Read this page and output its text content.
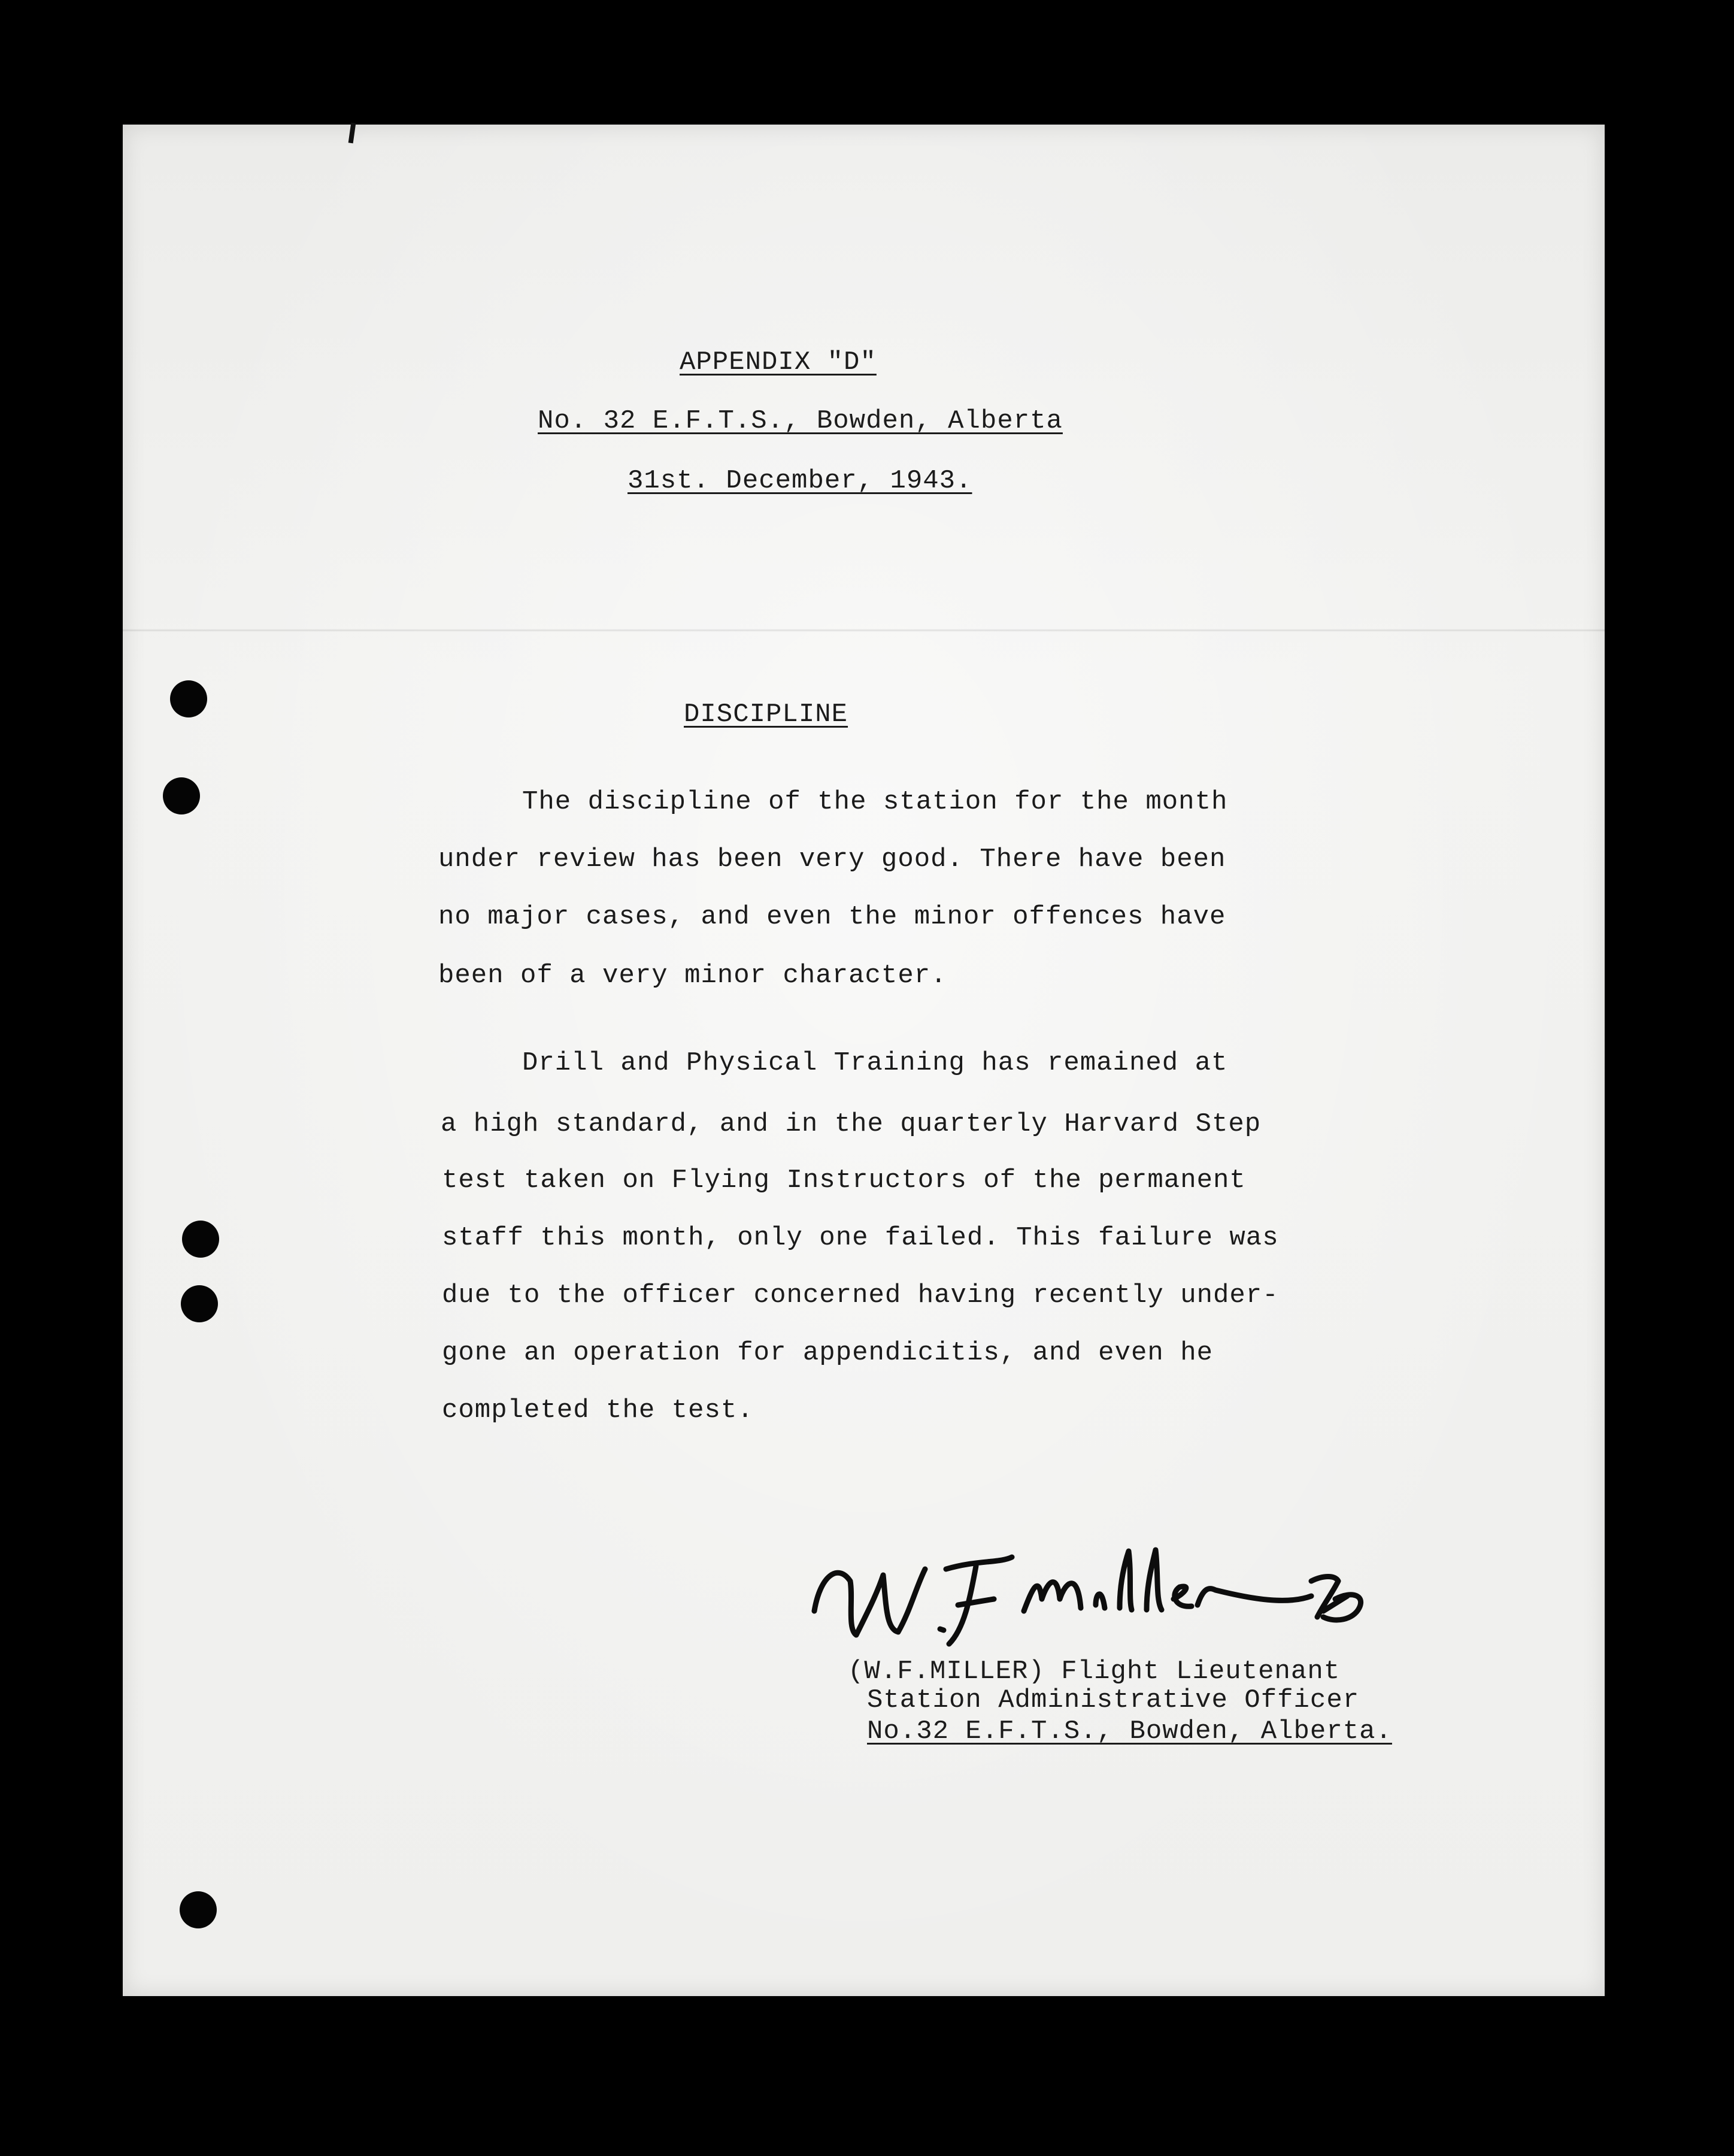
APPENDIX "D"
No. 32 E.F.T.S., Bowden, Alberta
31st. December, 1943.
DISCIPLINE
The discipline of the station for the month
under review has been very good. There have been
no major cases, and even the minor offences have
been of a very minor character.
Drill and Physical Training has remained at
a high standard, and in the quarterly Harvard Step
test taken on Flying Instructors of the permanent
staff this month, only one failed. This failure was
due to the officer concerned having recently under-
gone an operation for appendicitis, and even he
completed the test.
(W.F.MILLER) Flight Lieutenant
Station Administrative Officer
No.32 E.F.T.S., Bowden, Alberta.
